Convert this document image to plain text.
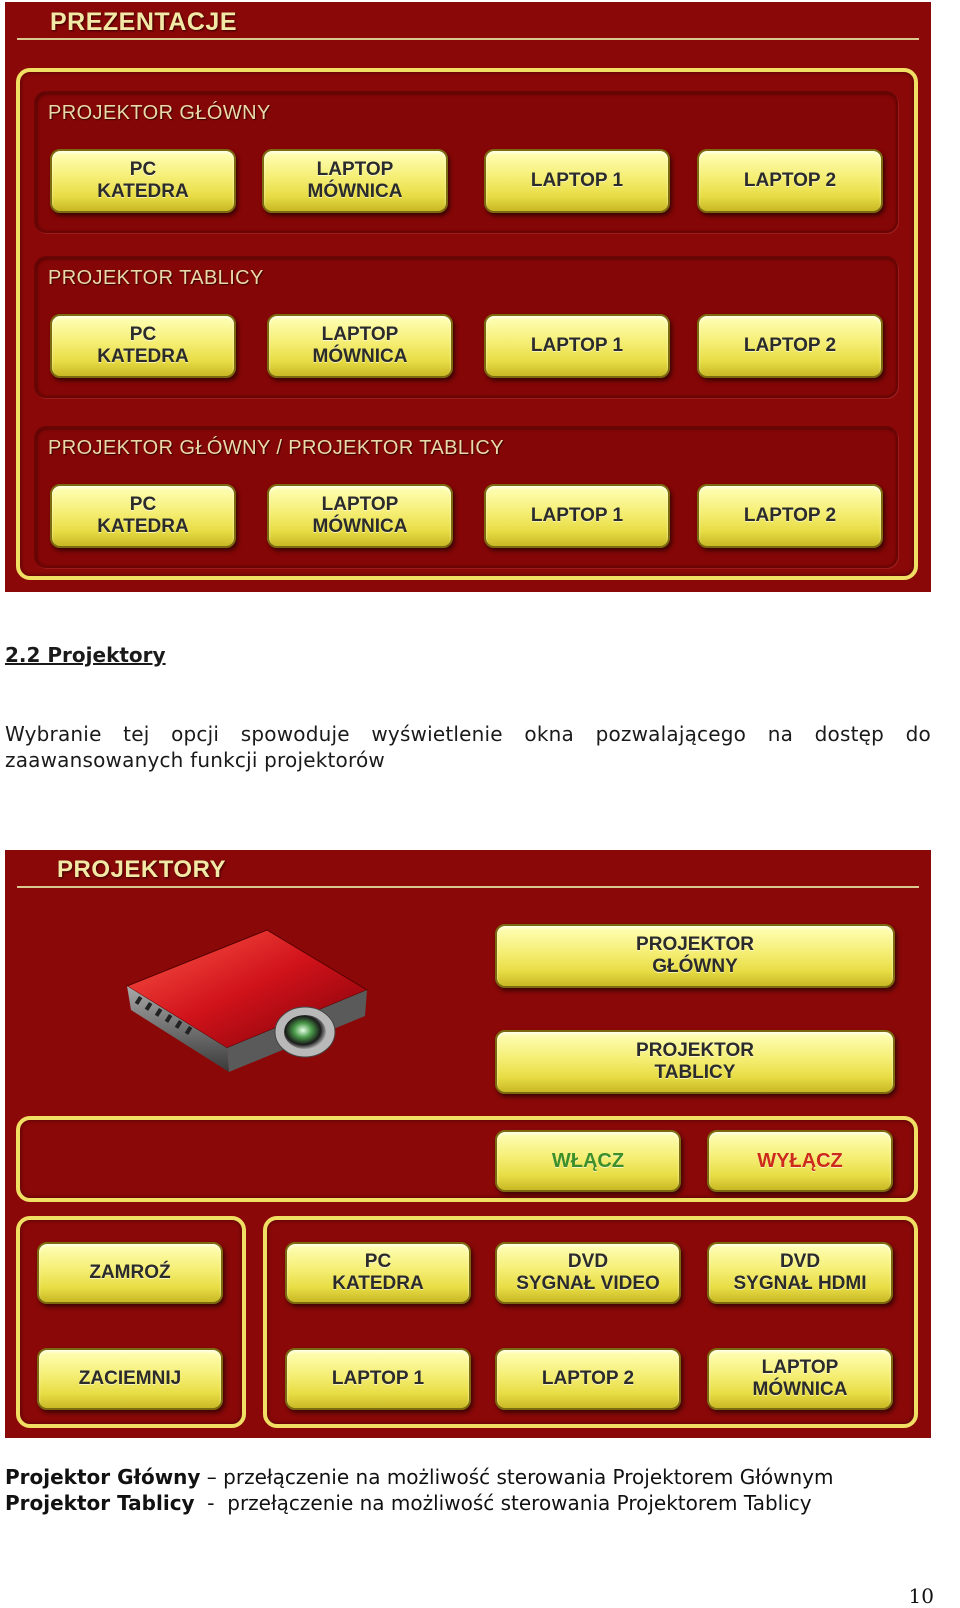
PREZENTACJE
PROJEKTOR GŁÓWNY
PC
KATEDRA
LAPTOP
MÓWNICA
LAPTOP 1	LAPTOP 2
PROJEKTOR TABLICY
PC
KATEDRA
LAPTOP
MÓWNICA
LAPTOP 1	LAPTOP 2
PROJEKTOR GŁÓWNY / PROJEKTOR TABLICY
PC
KATEDRA
LAPTOP
MÓWNICA
LAPTOP 1	LAPTOP 2
2.2 Projektory
Wybranie tej opcji spowoduje wyświetlenie okna pozwalającego na dostęp do
zaawansowanych funkcji projektorów
PROJEKTORY
PROJEKTOR
GŁÓWNY
PROJEKTOR
TABLICY
WŁĄCZ	WYŁĄCZ
ZAMROŹ
ZACIEMNIJ
PC
KATEDRA
DVD
SYGNAŁ VIDEO
DVD
SYGNAŁ HDMI
LAPTOP 1	LAPTOP 2
LAPTOP
MÓWNICA
Projektor Główny – przełączenie na możliwość sterowania Projektorem Głównym
Projektor Tablicy  -  przełączenie na możliwość sterowania Projektorem Tablicy
10
